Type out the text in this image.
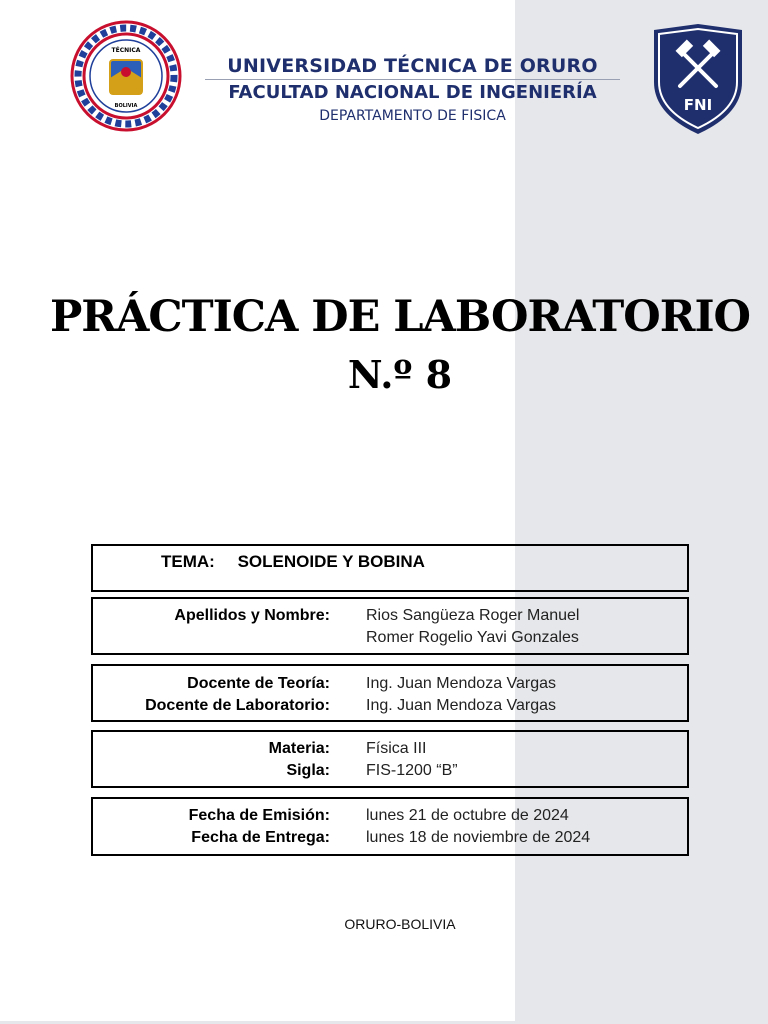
TÉCNICA
BOLIVIA
UNIVERSIDAD TÉCNICA DE ORURO
FACULTAD NACIONAL DE INGENIERÍA
DEPARTAMENTO DE FISICA
FNI
PRÁCTICA DE LABORATORIO
N.º 8
TEMA: SOLENOIDE Y BOBINA
Apellidos y Nombre: Rios Sangüeza Roger Manuel
Romer Rogelio Yavi Gonzales
Docente de Teoría: Ing. Juan Mendoza Vargas
Docente de Laboratorio: Ing. Juan Mendoza Vargas
Materia: Física III
Sigla: FIS-1200 “B”
Fecha de Emisión: lunes 21 de octubre de 2024
Fecha de Entrega: lunes 18 de noviembre de 2024
ORURO-BOLIVIA
